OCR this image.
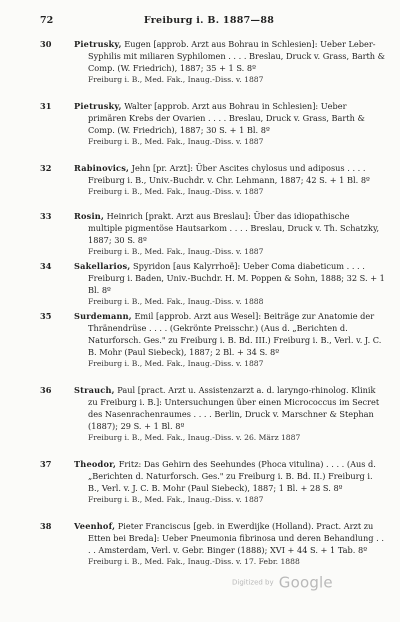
72	Freiburg i. B. 1887—88
30	Pietrusky, Eugen [approb. Arzt aus Bohrau in Schlesien]: Ueber Leber-Syphilis mit miliaren Syphilomen . . . . Breslau, Druck v. Grass, Barth & Comp. (W. Friedrich), 1887; 35 + 1 S. 8º
Freiburg i. B., Med. Fak., Inaug.-Diss. v. 1887
31	Pietrusky, Walter [approb. Arzt aus Bohrau in Schlesien]: Ueber primären Krebs der Ovarien . . . . Breslau, Druck v. Grass, Barth & Comp. (W. Friedrich), 1887; 30 S. + 1 Bl. 8º
Freiburg i. B., Med. Fak., Inaug.-Diss. v. 1887
32	Rabinovics, Jehn [pr. Arzt]: Über Ascites chylosus und adiposus . . . . Freiburg i. B., Univ.-Buchdr. v. Chr. Lehmann, 1887; 42 S. + 1 Bl. 8º
Freiburg i. B., Med. Fak., Inaug.-Diss. v. 1887
33	Rosin, Heinrich [prakt. Arzt aus Breslau]: Über das idiopathische multiple pigmentöse Hautsarkom . . . . Breslau, Druck v. Th. Schatzky, 1887; 30 S. 8º
Freiburg i. B., Med. Fak., Inaug.-Diss. v. 1887
34	Sakellarios, Spyridon [aus Kalyrrhoë]: Ueber Coma diabeticum . . . . Freiburg i. Baden, Univ.-Buchdr. H. M. Poppen & Sohn, 1888; 32 S. + 1 Bl. 8º
Freiburg i. B., Med. Fak., Inaug.-Diss. v. 1888
35	Surdemann, Emil [approb. Arzt aus Wesel]: Beiträge zur Anatomie der Thränendrüse . . . . (Gekrönte Preisschr.) (Aus d. „Berichten d. Naturforsch. Ges." zu Freiburg i. B. Bd. III.) Freiburg i. B., Verl. v. J. C. B. Mohr (Paul Siebeck), 1887; 2 Bl. + 34 S. 8º
Freiburg i. B., Med. Fak., Inaug.-Diss. v. 1887
36	Strauch, Paul [pract. Arzt u. Assistenzarzt a. d. laryngo-rhinolog. Klinik zu Freiburg i. B.]: Untersuchungen über einen Micrococcus im Secret des Nasenrachenraumes . . . . Berlin, Druck v. Marschner & Stephan (1887); 29 S. + 1 Bl. 8º
Freiburg i. B., Med. Fak., Inaug.-Diss. v. 26. März 1887
37	Theodor, Fritz: Das Gehirn des Seehundes (Phoca vitulina) . . . . (Aus d. „Berichten d. Naturforsch. Ges." zu Freiburg i. B. Bd. II.) Freiburg i. B., Verl. v. J. C. B. Mohr (Paul Siebeck), 1887; 1 Bl. + 28 S. 8º
Freiburg i. B., Med. Fak., Inaug.-Diss. v. 1887
38	Veenhof, Pieter Franciscus [geb. in Ewerdijke (Holland). Pract. Arzt zu Etten bei Breda]: Ueber Pneumonia fibrinosa und deren Behandlung . . . . Amsterdam, Verl. v. Gebr. Binger (1888); XVI + 44 S. + 1 Tab. 8º
Freiburg i. B., Med. Fak., Inaug.-Diss. v. 17. Febr. 1888
Digitized by Google
